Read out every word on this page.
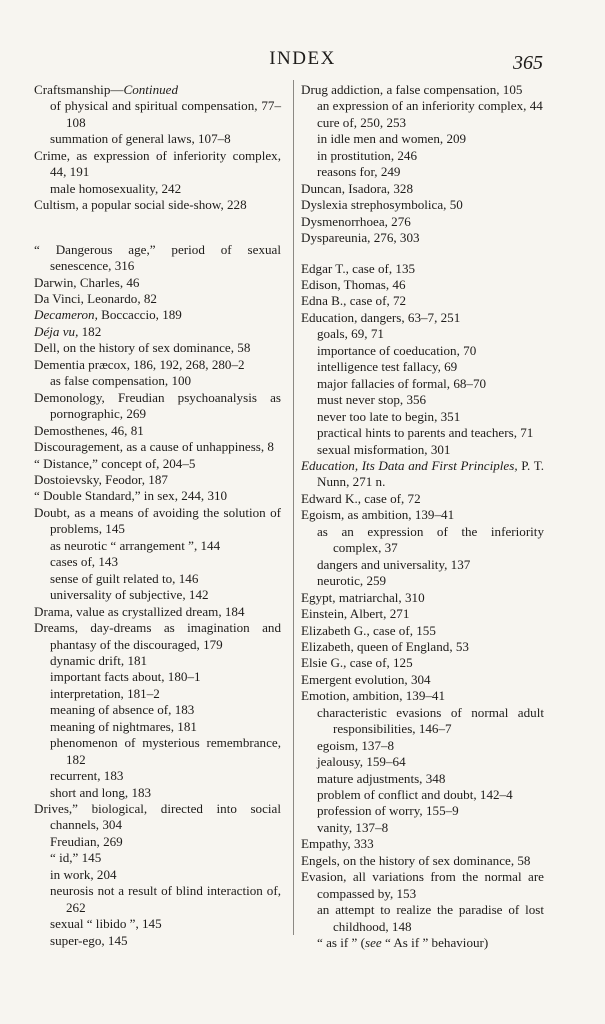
INDEX	365
Craftsmanship—Continued
of physical and spiritual compensation, 77–108
summation of general laws, 107–8
Crime, as expression of inferiority complex, 44, 191
male homosexuality, 242
Cultism, a popular social side-show, 228
“ Dangerous age,” period of sexual senescence, 316
Darwin, Charles, 46
Da Vinci, Leonardo, 82
Decameron, Boccaccio, 189
Déja vu, 182
Dell, on the history of sex dominance, 58
Dementia præcox, 186, 192, 268, 280–2
as false compensation, 100
Demonology, Freudian psychoanalysis as pornographic, 269
Demosthenes, 46, 81
Discouragement, as a cause of unhappiness, 8
“ Distance,” concept of, 204–5
Dostoievsky, Feodor, 187
“ Double Standard,” in sex, 244, 310
Doubt, as a means of avoiding the solution of problems, 145
as neurotic “ arrangement ”, 144
cases of, 143
sense of guilt related to, 146
universality of subjective, 142
Drama, value as crystallized dream, 184
Dreams, day-dreams as imagination and phantasy of the discouraged, 179
dynamic drift, 181
important facts about, 180–1
interpretation, 181–2
meaning of absence of, 183
meaning of nightmares, 181
phenomenon of mysterious remembrance, 182
recurrent, 183
short and long, 183
Drives,” biological, directed into social channels, 304
Freudian, 269
“ id,” 145
in work, 204
neurosis not a result of blind interaction of, 262
sexual “ libido ”, 145
super-ego, 145
Drug addiction, a false compensation, 105
an expression of an inferiority complex, 44
cure of, 250, 253
in idle men and women, 209
in prostitution, 246
reasons for, 249
Duncan, Isadora, 328
Dyslexia strephosymbolica, 50
Dysmenorrhoea, 276
Dyspareunia, 276, 303
Edgar T., case of, 135
Edison, Thomas, 46
Edna B., case of, 72
Education, dangers, 63–7, 251
goals, 69, 71
importance of coeducation, 70
intelligence test fallacy, 69
major fallacies of formal, 68–70
must never stop, 356
never too late to begin, 351
practical hints to parents and teachers, 71
sexual misformation, 301
Education, Its Data and First Principles, P. T. Nunn, 271 n.
Edward K., case of, 72
Egoism, as ambition, 139–41
as an expression of the inferiority complex, 37
dangers and universality, 137
neurotic, 259
Egypt, matriarchal, 310
Einstein, Albert, 271
Elizabeth G., case of, 155
Elizabeth, queen of England, 53
Elsie G., case of, 125
Emergent evolution, 304
Emotion, ambition, 139–41
characteristic evasions of normal adult responsibilities, 146–7
egoism, 137–8
jealousy, 159–64
mature adjustments, 348
problem of conflict and doubt, 142–4
profession of worry, 155–9
vanity, 137–8
Empathy, 333
Engels, on the history of sex dominance, 58
Evasion, all variations from the normal are compassed by, 153
an attempt to realize the paradise of lost childhood, 148
“ as if ” (see “ As if ” behaviour)
